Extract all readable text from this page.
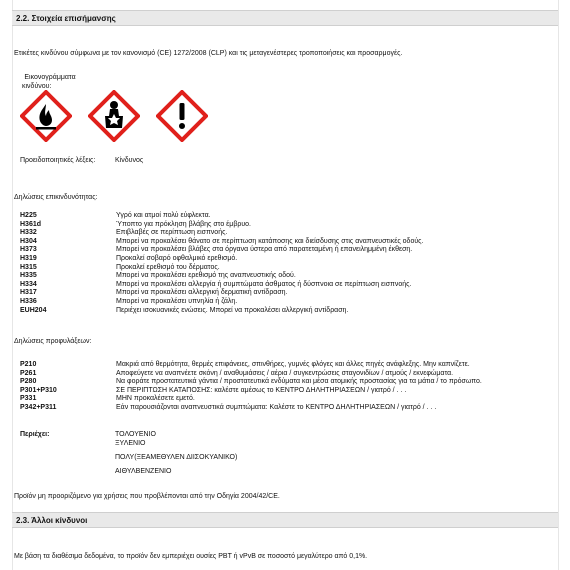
2.2. Στοιχεία επισήμανσης
Ετικέτες κινδύνου σύμφωνα με τον κανονισμό (CE) 1272/2008 (CLP) και τις μεταγενέστερες τροποποιήσεις και προσαρμογές.
Εικονογράμματα
κινδύνου:
Προειδοποιητικές λέξεις:	Κίνδυνος
Δηλώσεις επικινδυνότητας:
H225	Υγρό και ατμοί πολύ εύφλεκτα.
H361d	Ύποπτο για πρόκληση βλάβης στο έμβρυο.
H332	Επιβλαβές σε περίπτωση εισπνοής.
H304	Μπορεί να προκαλέσει θάνατο σε περίπτωση κατάποσης και διείσδυσης στις αναπνευστικές οδούς.
H373	Μπορεί να προκαλέσει βλάβες στα όργανα ύστερα από παρατεταμένη ή επανειλημμένη έκθεση.
H319	Προκαλεί σοβαρό οφθαλμικό ερεθισμό.
H315	Προκαλεί ερεθισμό του δέρματος.
H335	Μπορεί να προκαλέσει ερεθισμό της αναπνευστικής οδού.
H334	Μπορεί να προκαλέσει αλλεργία ή συμπτώματα άσθματος ή δύσπνοια σε περίπτωση εισπνοής.
H317	Μπορεί να προκαλέσει αλλεργική δερματική αντίδραση.
H336	Μπορεί να προκαλέσει υπνηλία ή ζάλη.
EUH204	Περιέχει ισοκυανικές ενώσεις. Μπορεί να προκαλέσει αλλεργική αντίδραση.
Δηλώσεις προφυλάξεων:
P210	Μακριά από θερμότητα, θερμές επιφάνειες, σπινθήρες, γυμνές φλόγες και άλλες πηγές ανάφλεξης. Μην καπνίζετε.
P261	Αποφεύγετε να αναπνέετε σκόνη / αναθυμιάσεις / αέρια / συγκεντρώσεις σταγονιδίων / ατμούς / εκνεφώματα.
P280	Να φοράτε προστατευτικά γάντια / προστατευτικά ενδύματα και μέσα ατομικής προστασίας για τα μάτια / το πρόσωπο.
P301+P310	ΣΕ ΠΕΡΙΠΤΩΣΗ ΚΑΤΑΠΟΣΗΣ: καλέστε αμέσως το ΚΕΝΤΡΟ ΔΗΛΗΤΗΡΙΑΣΕΩΝ / γιατρό / . . .
P331	ΜΗΝ προκαλέσετε εμετό.
P342+P311	Εάν παρουσιάζονται αναπνευστικά συμπτώματα: Καλέστε το ΚΕΝΤΡΟ ΔΗΛΗΤΗΡΙΑΣΕΩΝ / γιατρό / . . .
Περιέχει:	ΤΟΛΟΥΕΝΙΟ
ΞΥΛΕΝΙΟ
ΠΟΛΥ(ΞΕΑΜΕΘΥΛΕΝ ΔΙΙΣΟΚΥΑΝΙΚΟ)
ΑΙΘΥΛΒΕΝΖΕΝΙΟ
Προϊόν μη προοριζόμενο για χρήσεις που προβλέπονται από την Οδηγία 2004/42/CE.
2.3. Άλλοι κίνδυνοι
Με βάση τα διαθέσιμα δεδομένα, το προϊόν δεν εμπεριέχει ουσίες PBT ή vPvB σε ποσοστό μεγαλύτερο από 0,1%.
